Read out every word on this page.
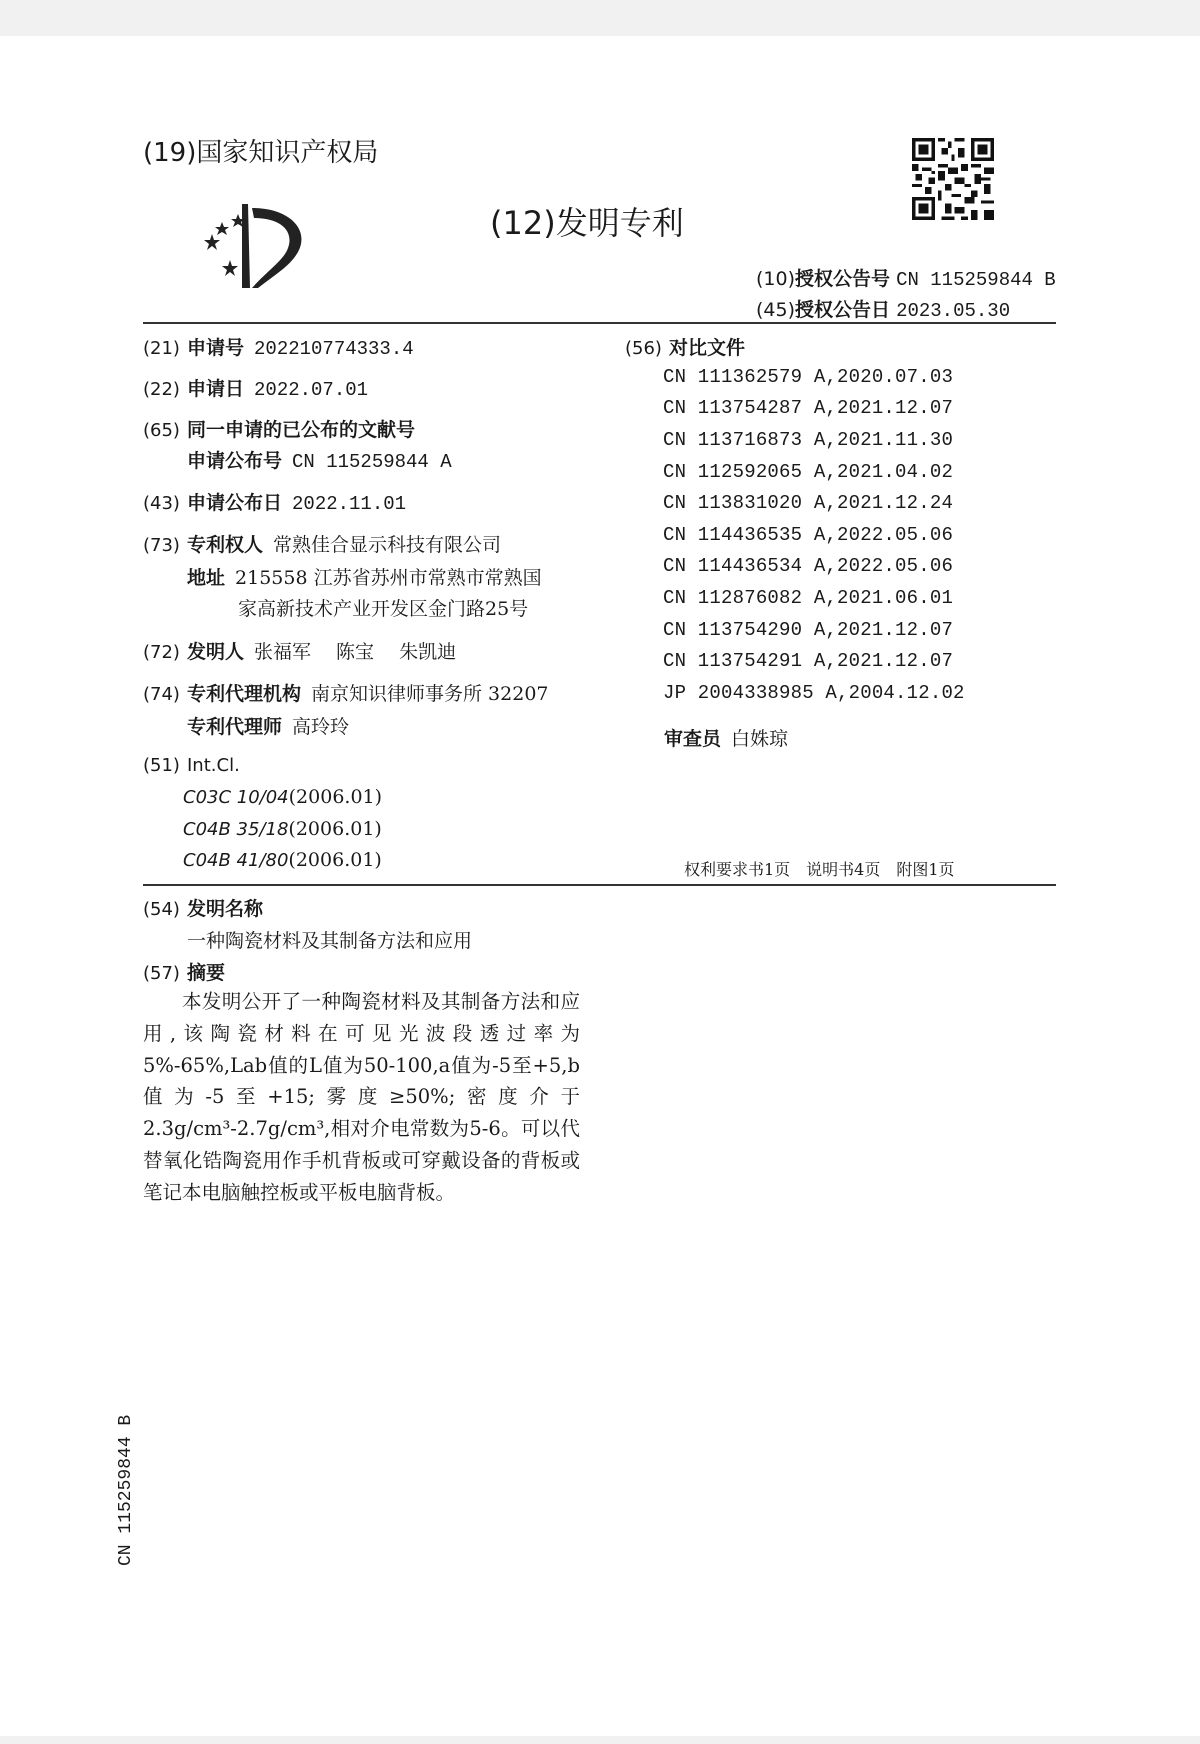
(19)国家知识产权局
(12)发明专利
(10)授权公告号 CN 115259844 B
(45)授权公告日 2023.05.30
(21) 申请号 202210774333.4
(22) 申请日 2022.07.01
(65) 同一申请的已公布的文献号
申请公布号 CN 115259844 A
(43) 申请公布日 2022.11.01
(73) 专利权人 常熟佳合显示科技有限公司
地址 215558 江苏省苏州市常熟市常熟国
家高新技术产业开发区金门路25号
(72) 发明人 张福军　 陈宝　 朱凯迪
(74) 专利代理机构 南京知识律师事务所 32207
专利代理师 高玲玲
(51) Int.Cl.
C03C 10/04(2006.01)
C04B 35/18(2006.01)
C04B 41/80(2006.01)
(56) 对比文件
CN 111362579 A,2020.07.03
CN 113754287 A,2021.12.07
CN 113716873 A,2021.11.30
CN 112592065 A,2021.04.02
CN 113831020 A,2021.12.24
CN 114436535 A,2022.05.06
CN 114436534 A,2022.05.06
CN 112876082 A,2021.06.01
CN 113754290 A,2021.12.07
CN 113754291 A,2021.12.07
JP 2004338985 A,2004.12.02
审查员 白姝琼
权利要求书1页　说明书4页　附图1页
(54) 发明名称
一种陶瓷材料及其制备方法和应用
(57) 摘要

本发明公开了一种陶瓷材料及其制备方法和应用,该陶瓷材料在可见光波段透过率为5%-65%,Lab值的L值为50-100,a值为-5至+5,b值为-5至+15;雾度≥50%;密度介于2.3g/cm³-2.7g/cm³,相对介电常数为5-6。可以代替氧化锆陶瓷用作手机背板或可穿戴设备的背板或笔记本电脑触控板或平板电脑背板。

CN 115259844 B
